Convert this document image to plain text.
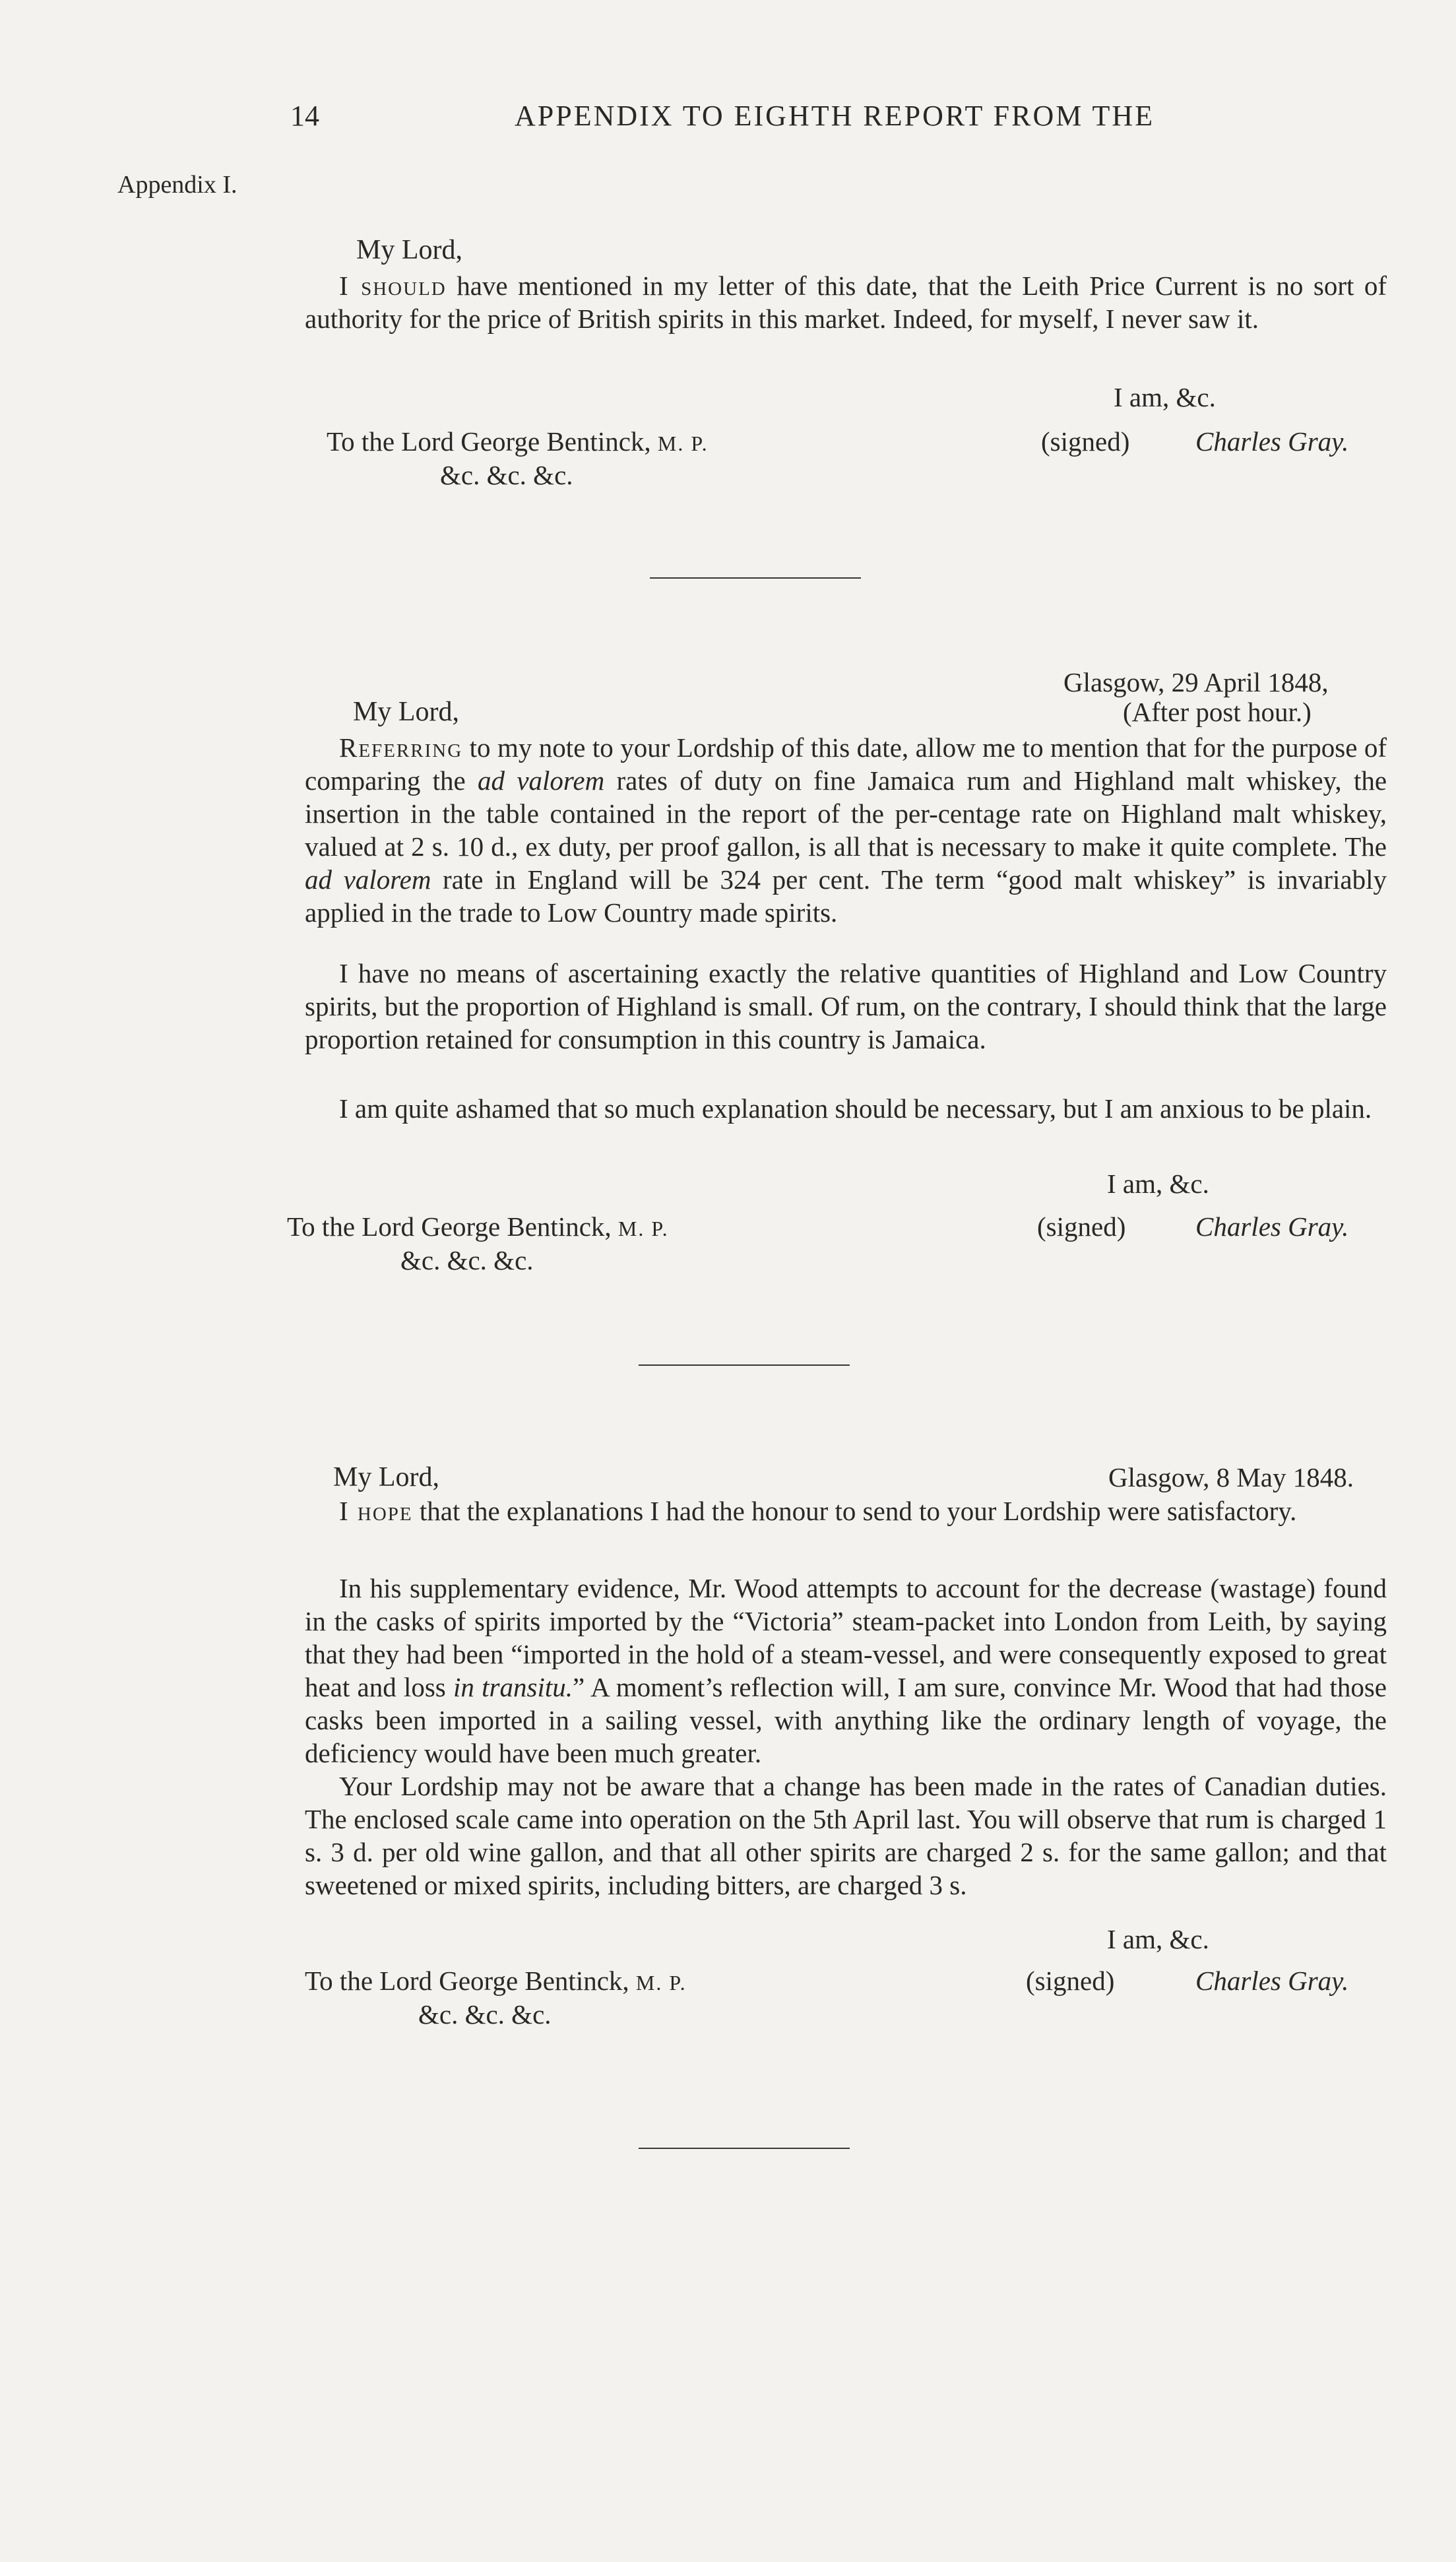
14	APPENDIX TO EIGHTH REPORT FROM THE
Appendix I.
My Lord,

I should have mentioned in my letter of this date, that the Leith Price Current is no sort of authority for the price of British spirits in this market. Indeed, for myself, I never saw it.

I am, &c.
To the Lord George Bentinck, M. P.
&c. &c. &c.
(signed) Charles Gray.
Glasgow, 29 April 1848,
(After post hour.)
My Lord,

Referring to my note to your Lordship of this date, allow me to mention that for the purpose of comparing the ad valorem rates of duty on fine Jamaica rum and Highland malt whiskey, the insertion in the table contained in the report of the per-centage rate on Highland malt whiskey, valued at 2 s. 10 d., ex duty, per proof gallon, is all that is necessary to make it quite complete. The ad valorem rate in England will be 324 per cent. The term “good malt whiskey” is invariably applied in the trade to Low Country made spirits.

I have no means of ascertaining exactly the relative quantities of Highland and Low Country spirits, but the proportion of Highland is small. Of rum, on the contrary, I should think that the large proportion retained for consumption in this country is Jamaica.

I am quite ashamed that so much explanation should be necessary, but I am anxious to be plain.

I am, &c.
To the Lord George Bentinck, M. P.
&c. &c. &c.
(signed)	Charles Gray.
My Lord,	Glasgow, 8 May 1848.

I hope that the explanations I had the honour to send to your Lordship were satisfactory.

In his supplementary evidence, Mr. Wood attempts to account for the decrease (wastage) found in the casks of spirits imported by the “Victoria” steam-packet into London from Leith, by saying that they had been “imported in the hold of a steam-vessel, and were consequently exposed to great heat and loss in transitu.” A moment’s reflection will, I am sure, convince Mr. Wood that had those casks been imported in a sailing vessel, with anything like the ordinary length of voyage, the deficiency would have been much greater.

Your Lordship may not be aware that a change has been made in the rates of Canadian duties. The enclosed scale came into operation on the 5th April last. You will observe that rum is charged 1 s. 3 d. per old wine gallon, and that all other spirits are charged 2 s. for the same gallon; and that sweetened or mixed spirits, including bitters, are charged 3 s.

I am, &c.
To the Lord George Bentinck, M. P.
&c. &c. &c.
(signed)	Charles Gray.
